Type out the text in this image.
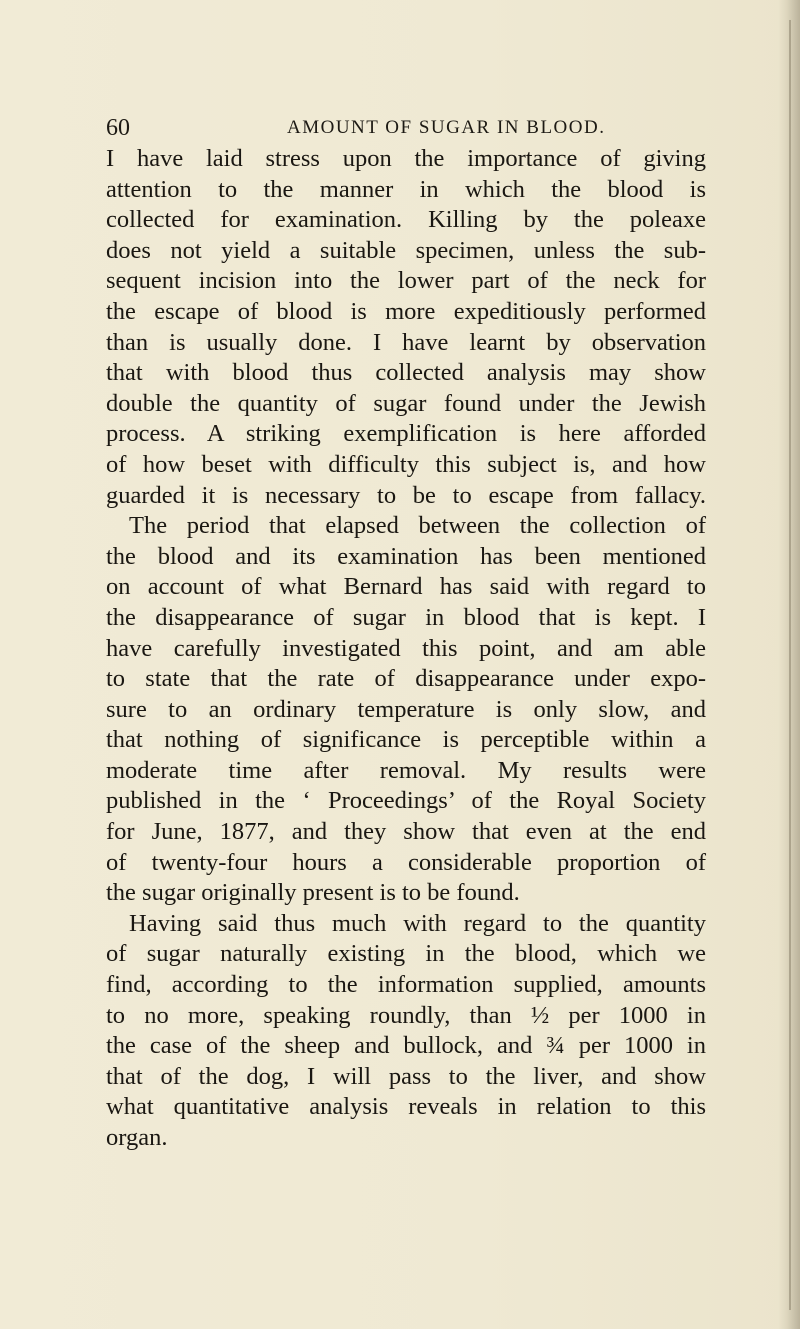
60	AMOUNT OF SUGAR IN BLOOD.
I have laid stress upon the importance of giving
attention to the manner in which the blood is
collected for examination. Killing by the poleaxe
does not yield a suitable specimen, unless the sub-
sequent incision into the lower part of the neck for
the escape of blood is more expeditiously performed
than is usually done. I have learnt by observation
that with blood thus collected analysis may show
double the quantity of sugar found under the Jewish
process. A striking exemplification is here afforded
of how beset with difficulty this subject is, and how
guarded it is necessary to be to escape from fallacy.
The period that elapsed between the collection of
the blood and its examination has been mentioned
on account of what Bernard has said with regard to
the disappearance of sugar in blood that is kept. I
have carefully investigated this point, and am able
to state that the rate of disappearance under expo-
sure to an ordinary temperature is only slow, and
that nothing of significance is perceptible within a
moderate time after removal. My results were
published in the ‘ Proceedings’ of the Royal Society
for June, 1877, and they show that even at the end
of twenty-four hours a considerable proportion of
the sugar originally present is to be found.
Having said thus much with regard to the quantity
of sugar naturally existing in the blood, which we
find, according to the information supplied, amounts
to no more, speaking roundly, than ½ per 1000 in
the case of the sheep and bullock, and ¾ per 1000 in
that of the dog, I will pass to the liver, and show
what quantitative analysis reveals in relation to this
organ.
